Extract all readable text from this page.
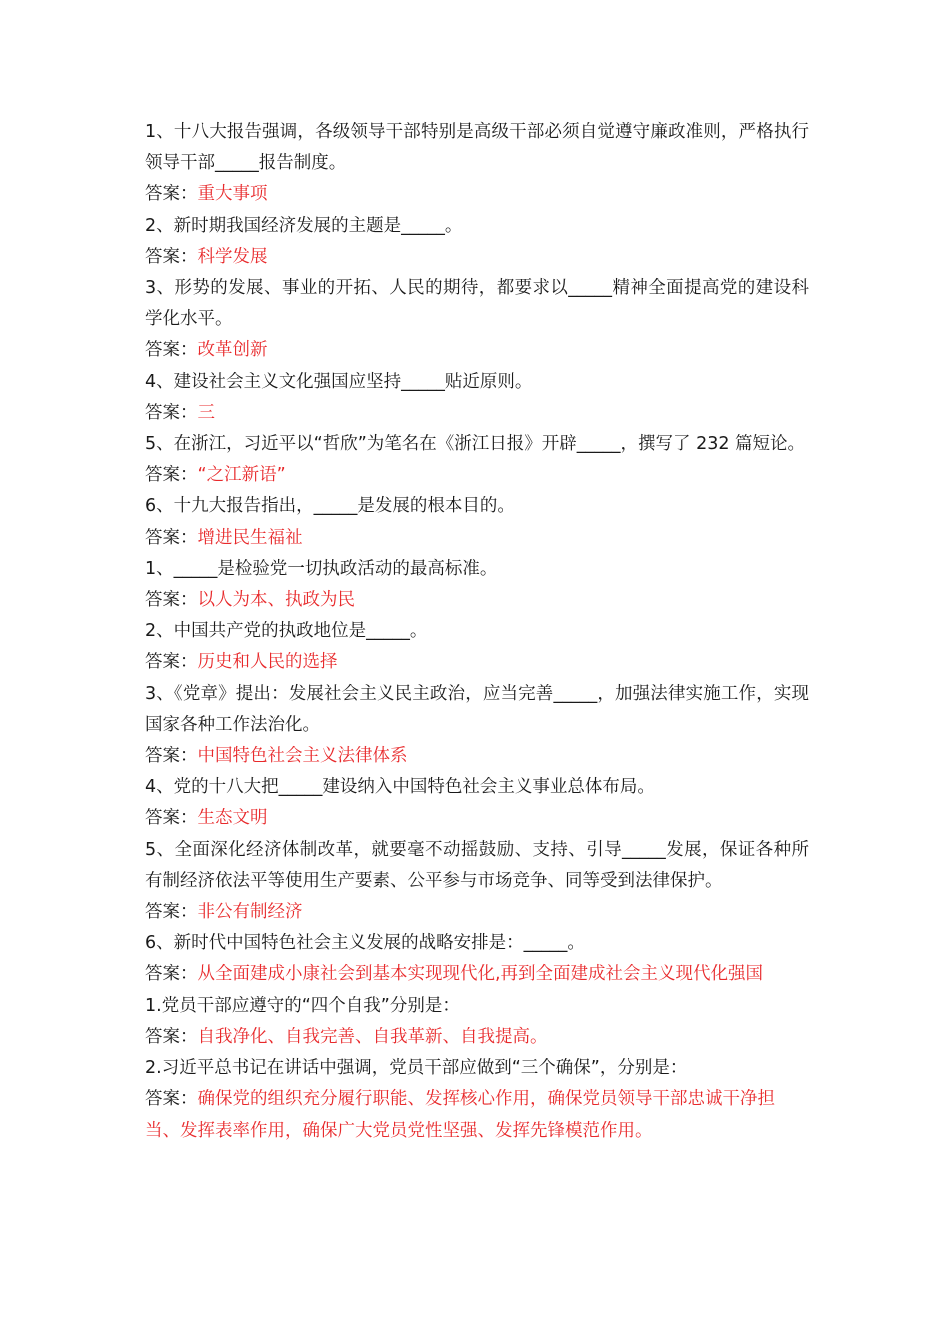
1、十八大报告强调，各级领导干部特别是高级干部必须自觉遵守廉政准则，严格执行领导干部_____报告制度。

答案：重大事项

2、新时期我国经济发展的主题是_____。

答案：科学发展

3、形势的发展、事业的开拓、人民的期待，都要求以_____精神全面提高党的建设科学化水平。

答案：改革创新

4、建设社会主义文化强国应坚持_____贴近原则。

答案：三

5、在浙江，习近平以“哲欣”为笔名在《浙江日报》开辟_____，撰写了 232 篇短论。

答案：“之江新语”

6、十九大报告指出，_____是发展的根本目的。

答案：增进民生福祉

1、_____是检验党一切执政活动的最高标准。

答案：以人为本、执政为民

2、中国共产党的执政地位是_____。

答案：历史和人民的选择

3、《党章》提出：发展社会主义民主政治，应当完善_____，加强法律实施工作，实现国家各种工作法治化。

答案：中国特色社会主义法律体系

4、党的十八大把_____建设纳入中国特色社会主义事业总体布局。

答案：生态文明

5、全面深化经济体制改革，就要毫不动摇鼓励、支持、引导_____发展，保证各种所有制经济依法平等使用生产要素、公平参与市场竞争、同等受到法律保护。

答案：非公有制经济

6、新时代中国特色社会主义发展的战略安排是：_____。

答案：从全面建成小康社会到基本实现现代化,再到全面建成社会主义现代化强国

1.党员干部应遵守的“四个自我”分别是：

答案：自我净化、自我完善、自我革新、自我提高。

2.习近平总书记在讲话中强调，党员干部应做到“三个确保”，分别是：

答案：确保党的组织充分履行职能、发挥核心作用，确保党员领导干部忠诚干净担当、发挥表率作用，确保广大党员党性坚强、发挥先锋模范作用。
